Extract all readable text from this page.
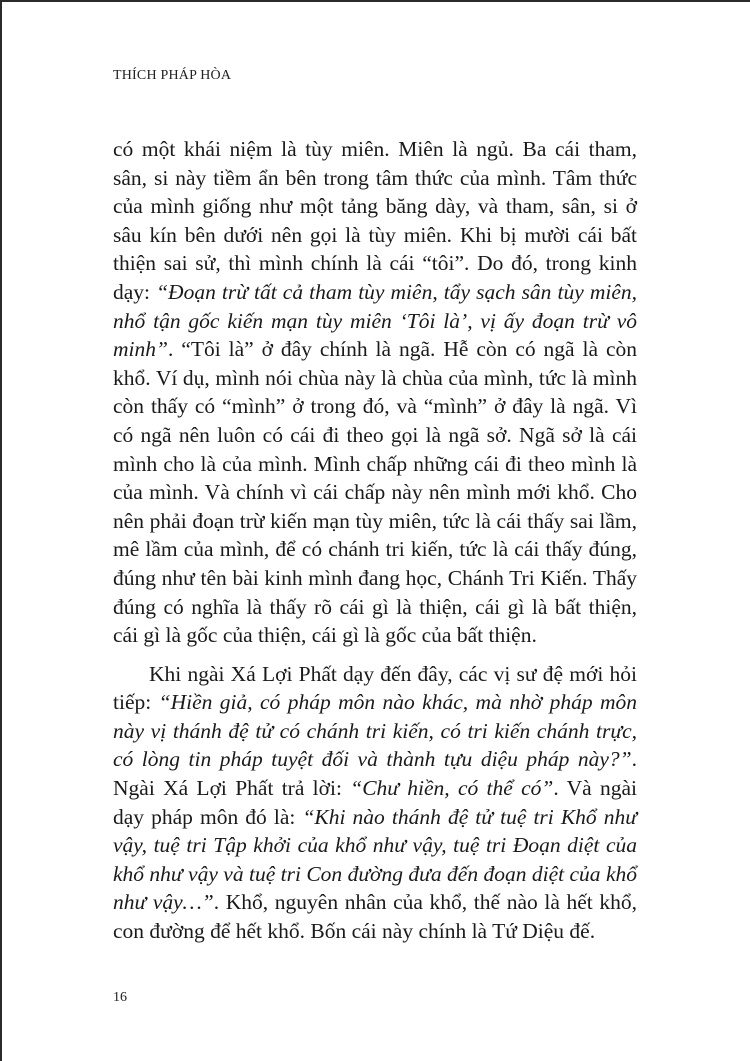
THÍCH PHÁP HÒA

có một khái niệm là tùy miên. Miên là ngủ. Ba cái tham, sân, si này tiềm ẩn bên trong tâm thức của mình. Tâm thức của mình giống như một tảng băng dày, và tham, sân, si ở sâu kín bên dưới nên gọi là tùy miên. Khi bị mười cái bất thiện sai sử, thì mình chính là cái “tôi”. Do đó, trong kinh dạy: “Đoạn trừ tất cả tham tùy miên, tẩy sạch sân tùy miên, nhổ tận gốc kiến mạn tùy miên ‘Tôi là’, vị ấy đoạn trừ vô minh”. “Tôi là” ở đây chính là ngã. Hễ còn có ngã là còn khổ. Ví dụ, mình nói chùa này là chùa của mình, tức là mình còn thấy có “mình” ở trong đó, và “mình” ở đây là ngã. Vì có ngã nên luôn có cái đi theo gọi là ngã sở. Ngã sở là cái mình cho là của mình. Mình chấp những cái đi theo mình là của mình. Và chính vì cái chấp này nên mình mới khổ. Cho nên phải đoạn trừ kiến mạn tùy miên, tức là cái thấy sai lầm, mê lầm của mình, để có chánh tri kiến, tức là cái thấy đúng, đúng như tên bài kinh mình đang học, Chánh Tri Kiến. Thấy đúng có nghĩa là thấy rõ cái gì là thiện, cái gì là bất thiện, cái gì là gốc của thiện, cái gì là gốc của bất thiện.

Khi ngài Xá Lợi Phất dạy đến đây, các vị sư đệ mới hỏi tiếp: “Hiền giả, có pháp môn nào khác, mà nhờ pháp môn này vị thánh đệ tử có chánh tri kiến, có tri kiến chánh trực, có lòng tin pháp tuyệt đối và thành tựu diệu pháp này?”. Ngài Xá Lợi Phất trả lời: “Chư hiền, có thể có”. Và ngài dạy pháp môn đó là: “Khi nào thánh đệ tử tuệ tri Khổ như vậy, tuệ tri Tập khởi của khổ như vậy, tuệ tri Đoạn diệt của khổ như vậy và tuệ tri Con đường đưa đến đoạn diệt của khổ như vậy…”. Khổ, nguyên nhân của khổ, thế nào là hết khổ, con đường để hết khổ. Bốn cái này chính là Tứ Diệu đế.

16
